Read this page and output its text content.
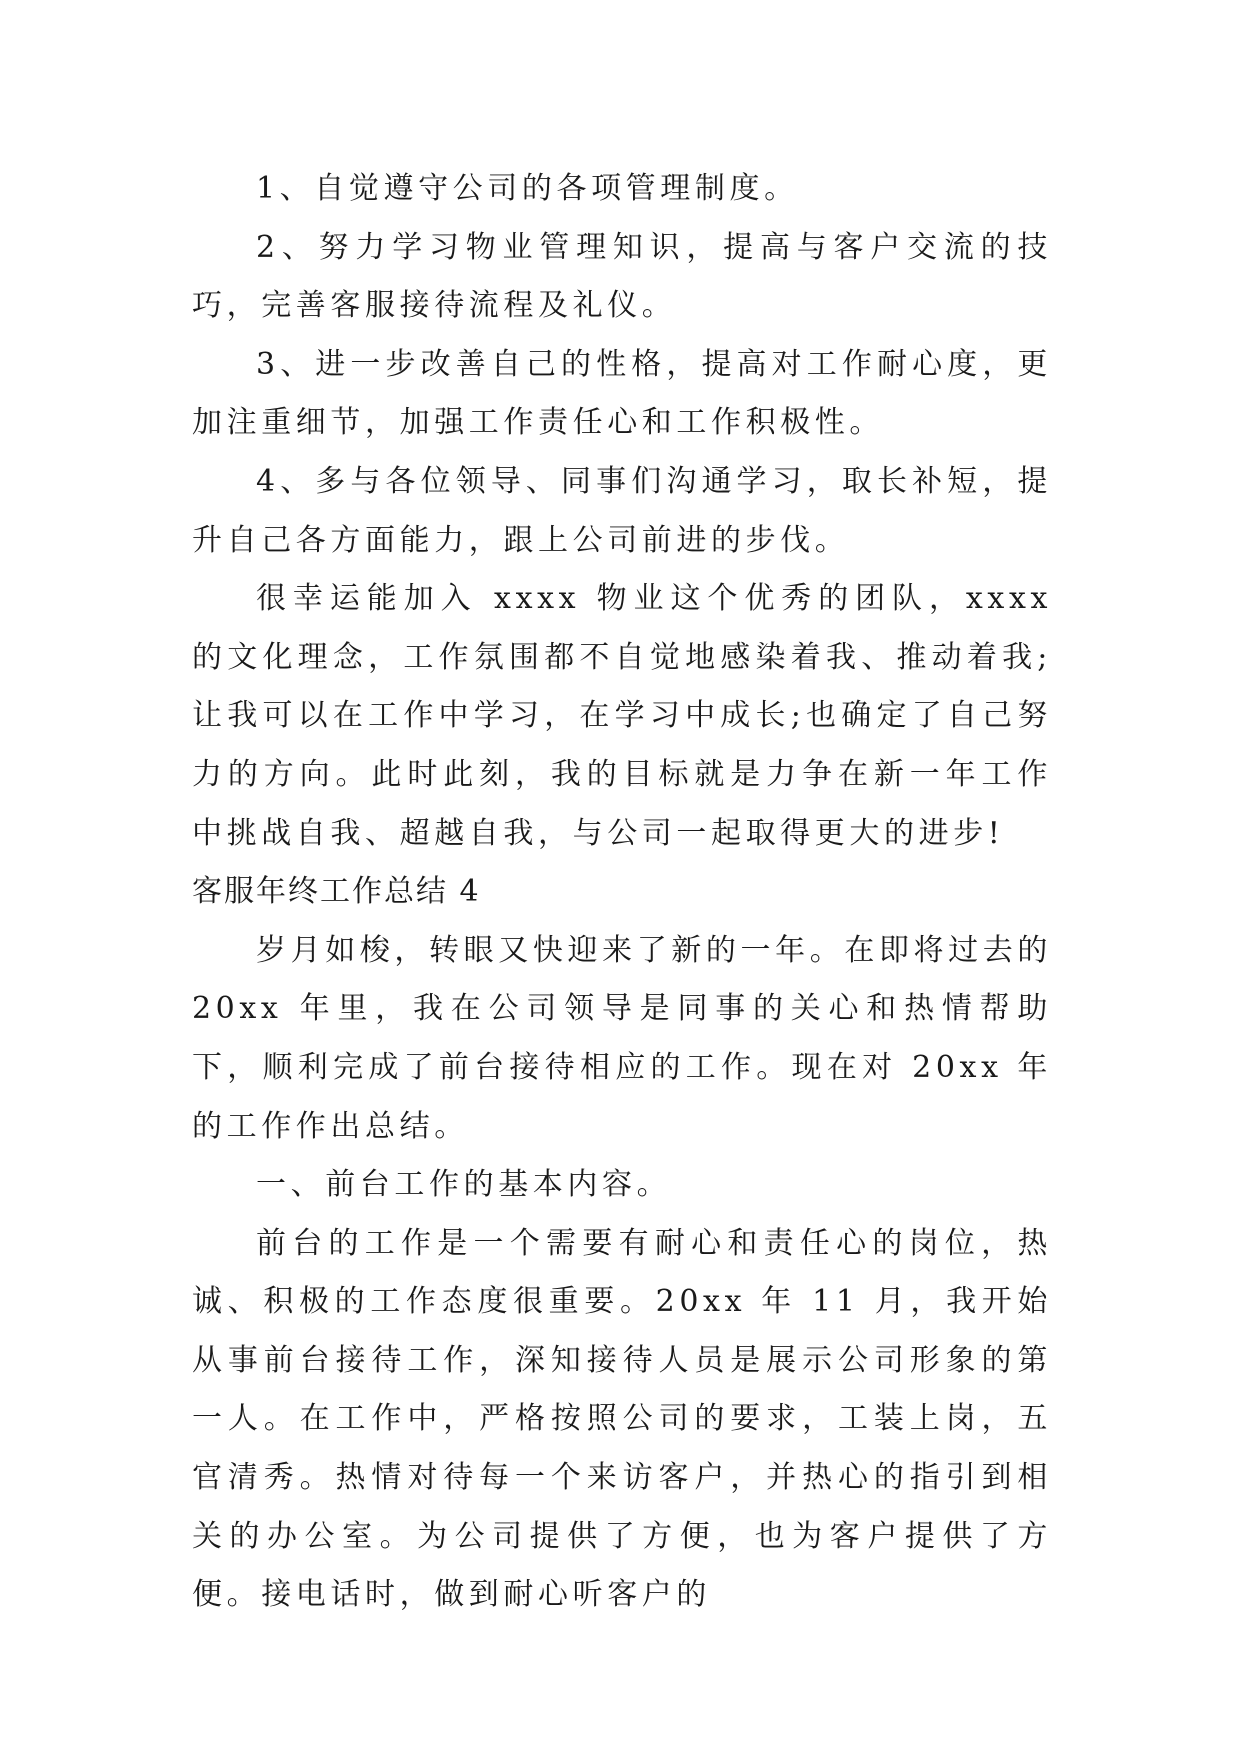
1、自觉遵守公司的各项管理制度。

2、努力学习物业管理知识，提高与客户交流的技巧，完善客服接待流程及礼仪。

3、进一步改善自己的性格，提高对工作耐心度，更加注重细节，加强工作责任心和工作积极性。

4、多与各位领导、同事们沟通学习，取长补短，提升自己各方面能力，跟上公司前进的步伐。

很幸运能加入 xxxx 物业这个优秀的团队，xxxx 的文化理念，工作氛围都不自觉地感染着我、推动着我;让我可以在工作中学习，在学习中成长;也确定了自己努力的方向。此时此刻，我的目标就是力争在新一年工作中挑战自我、超越自我，与公司一起取得更大的进步!

客服年终工作总结 4

岁月如梭，转眼又快迎来了新的一年。在即将过去的 20xx 年里，我在公司领导是同事的关心和热情帮助下，顺利完成了前台接待相应的工作。现在对 20xx 年的工作作出总结。

一、前台工作的基本内容。

前台的工作是一个需要有耐心和责任心的岗位，热诚、积极的工作态度很重要。20xx 年 11 月，我开始从事前台接待工作，深知接待人员是展示公司形象的第一人。在工作中，严格按照公司的要求，工装上岗，五官清秀。热情对待每一个来访客户，并热心的指引到相关的办公室。为公司提供了方便，也为客户提供了方便。接电话时，做到耐心听客户的
